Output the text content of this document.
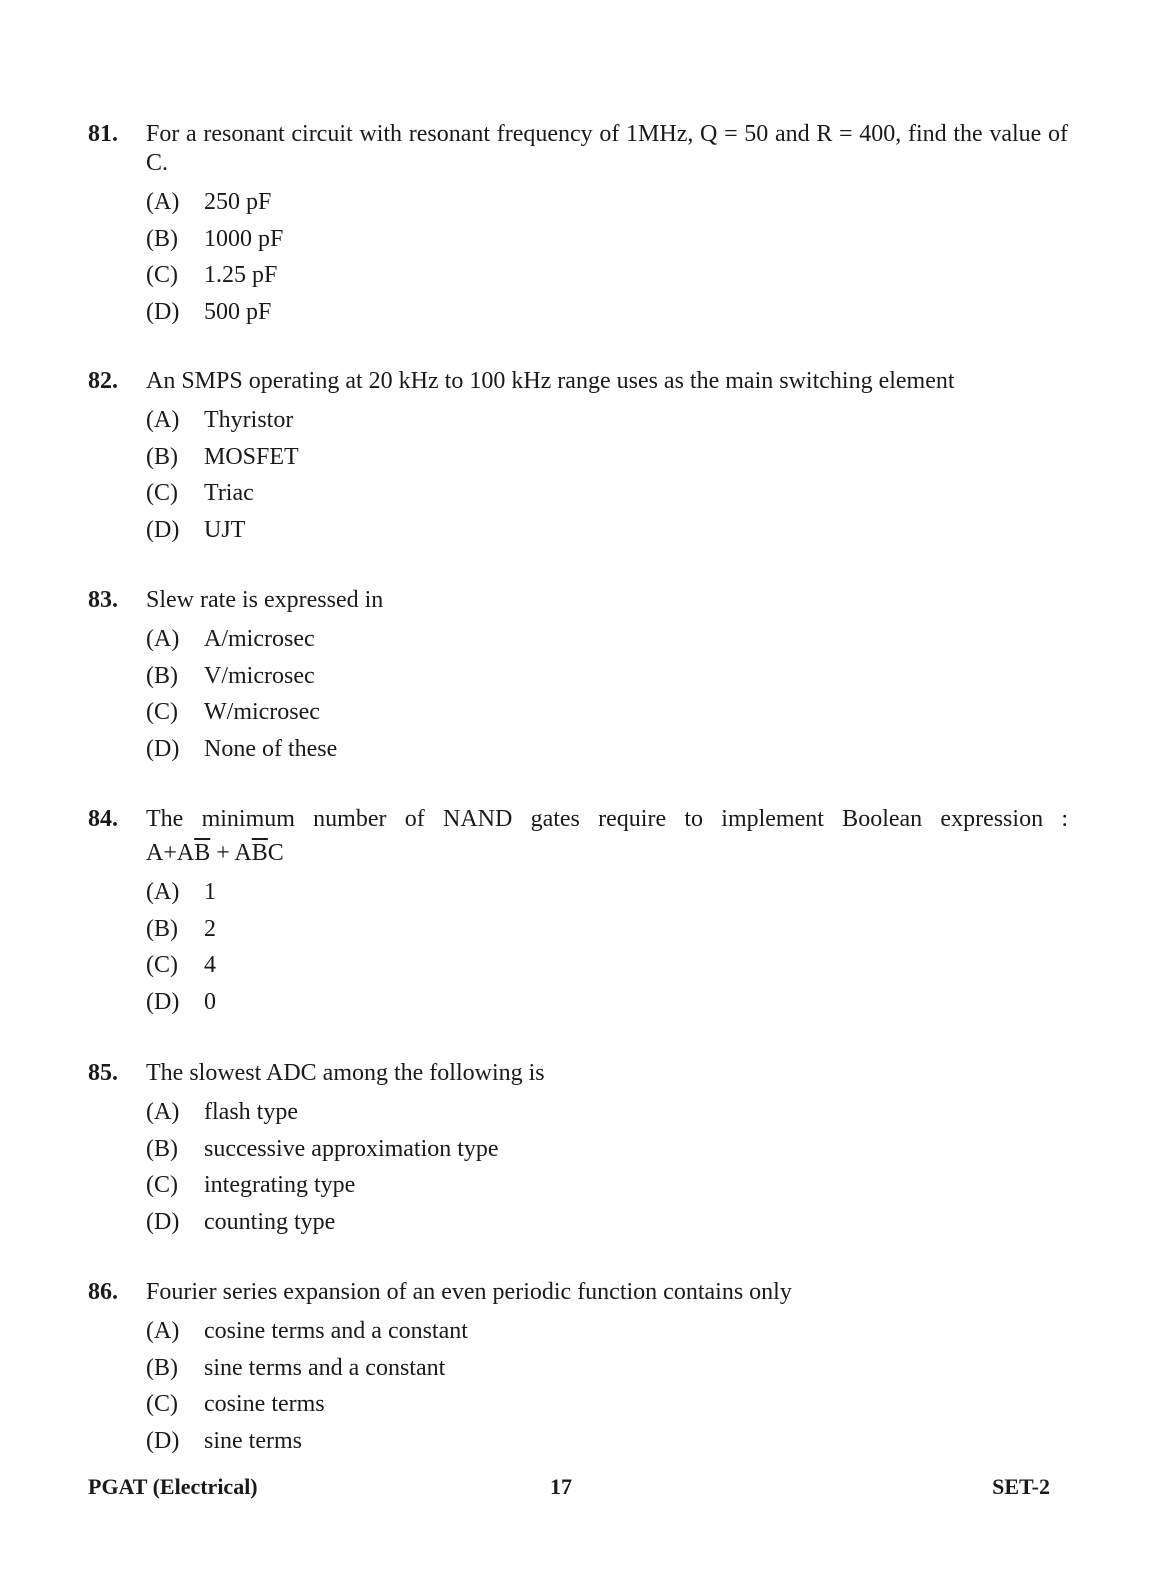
81. For a resonant circuit with resonant frequency of 1MHz, Q = 50 and R = 400, find the value of C.
(A) 250 pF
(B) 1000 pF
(C) 1.25 pF
(D) 500 pF
82. An SMPS operating at 20 kHz to 100 kHz range uses as the main switching element
(A) Thyristor
(B) MOSFET
(C) Triac
(D) UJT
83. Slew rate is expressed in
(A) A/microsec
(B) V/microsec
(C) W/microsec
(D) None of these
84. The minimum number of NAND gates require to implement Boolean expression :
$A+A\overline{B} + A\overline{B}C$
(A) 1
(B) 2
(C) 4
(D) 0
85. The slowest ADC among the following is
(A) flash type
(B) successive approximation type
(C) integrating type
(D) counting type
86. Fourier series expansion of an even periodic function contains only
(A) cosine terms and a constant
(B) sine terms and a constant
(C) cosine terms
(D) sine terms
PGAT (Electrical)	17	SET-2
